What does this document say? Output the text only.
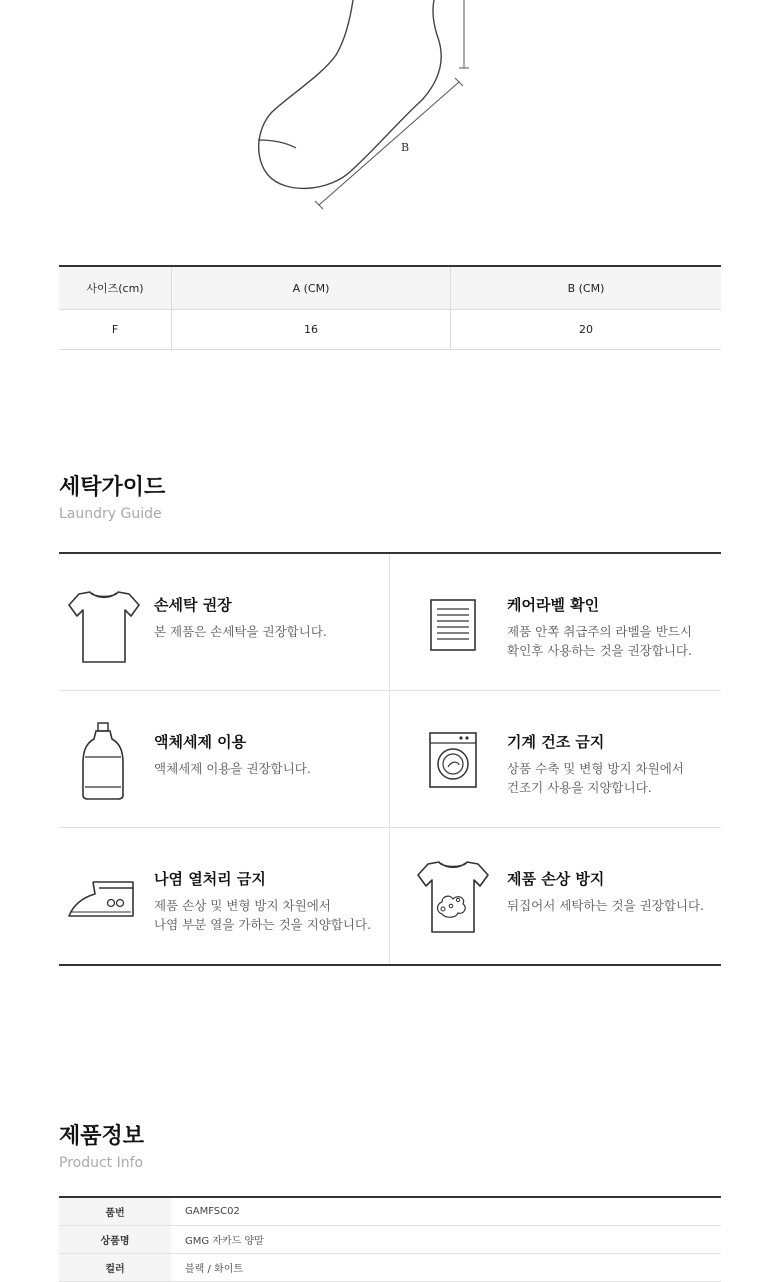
B
사이즈(cm)	A (CM)	B (CM)
F	16	20
세탁가이드
Laundry Guide
손세탁 권장
본 제품은 손세탁을 권장합니다.
케어라벨 확인
제품 안쪽 취급주의 라벨을 반드시
확인후 사용하는 것을 권장합니다.
액체세제 이용
액체세제 이용을 권장합니다.
기계 건조 금지
상품 수축 및 변형 방지 차원에서
건조기 사용을 지양합니다.
나염 열처리 금지
제품 손상 및 변형 방지 차원에서
나염 부분 열을 가하는 것을 지양합니다.
제품 손상 방지
뒤집어서 세탁하는 것을 권장합니다.
제품정보
Product Info
품번	GAMFSC02
상품명	GMG 자카드 양말
컬러	블랙 / 화이트
